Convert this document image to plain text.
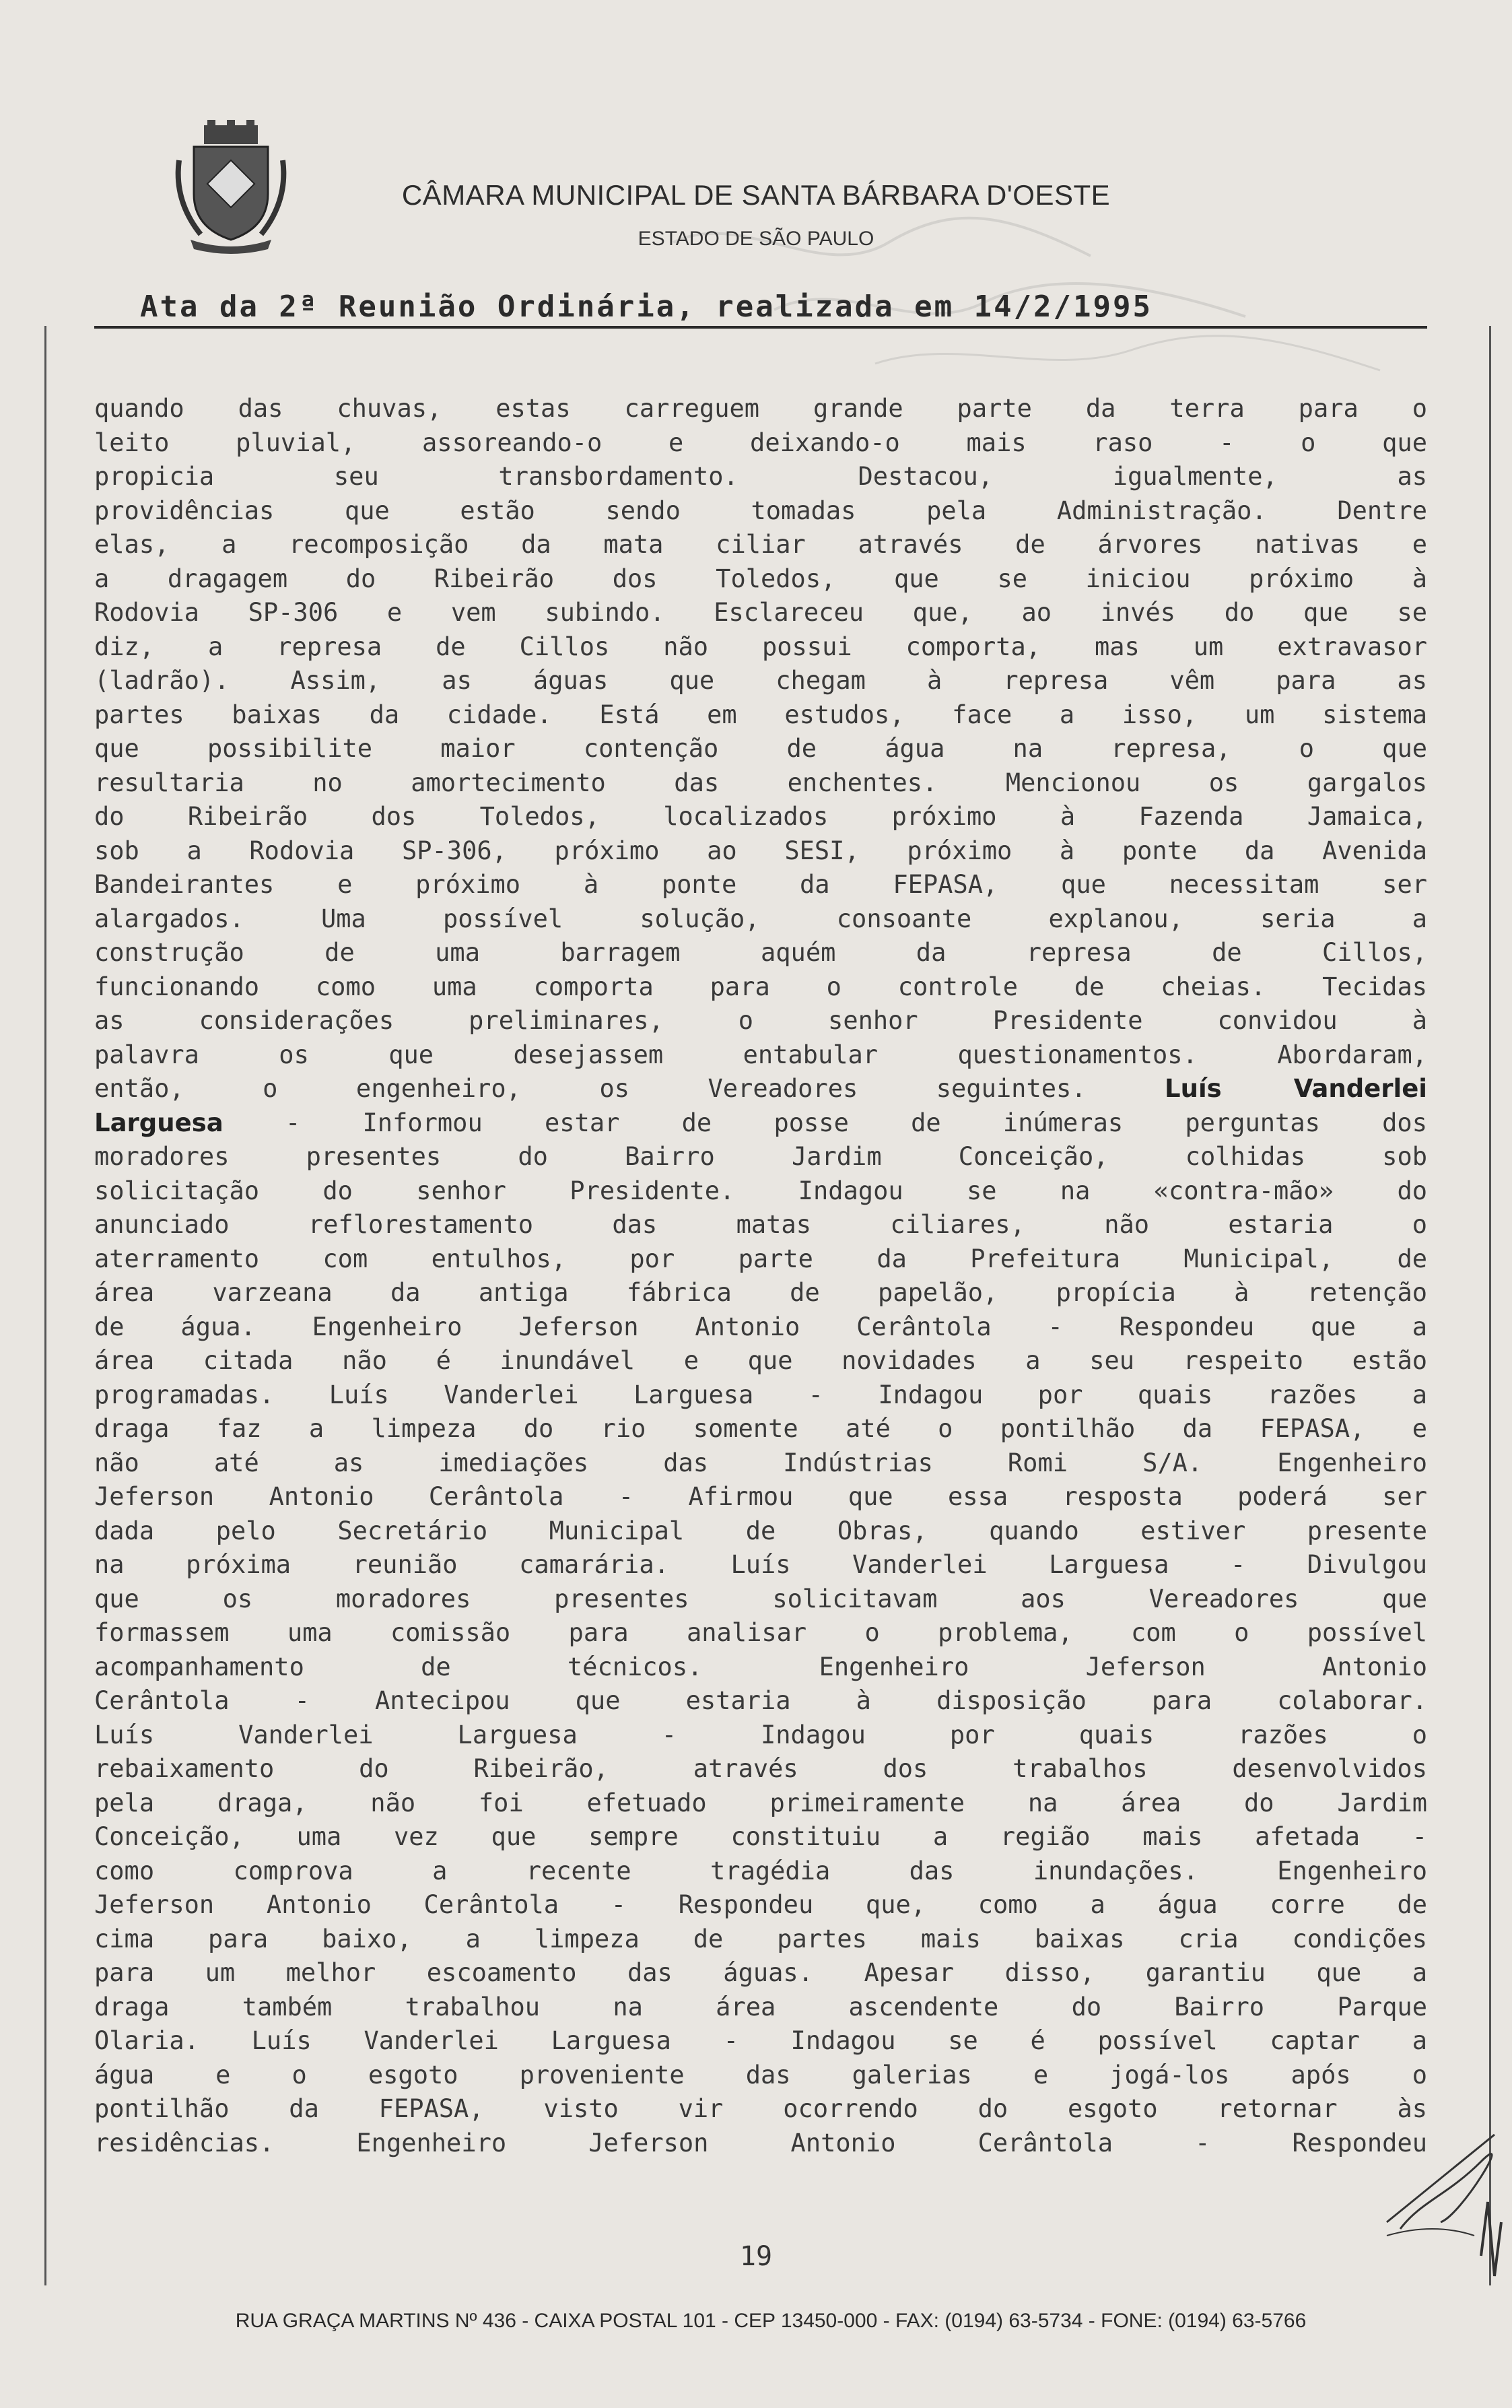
CÂMARA MUNICIPAL DE SANTA BÁRBARA D'OESTE
ESTADO DE SÃO PAULO
Ata da 2ª Reunião Ordinária, realizada em 14/2/1995
quando das chuvas, estas carreguem grande parte da terra para o
leito pluvial, assoreando-o e deixando-o mais raso - o que
propicia seu transbordamento. Destacou, igualmente, as
providências que estão sendo tomadas pela Administração. Dentre
elas, a recomposição da mata ciliar através de árvores nativas e
a dragagem do Ribeirão dos Toledos, que se iniciou próximo à
Rodovia SP-306 e vem subindo. Esclareceu que, ao invés do que se
diz, a represa de Cillos não possui comporta, mas um extravasor
(ladrão). Assim, as águas que chegam à represa vêm para as
partes baixas da cidade. Está em estudos, face a isso, um sistema
que possibilite maior contenção de água na represa, o que
resultaria no amortecimento das enchentes. Mencionou os gargalos
do Ribeirão dos Toledos, localizados próximo à Fazenda Jamaica,
sob a Rodovia SP-306, próximo ao SESI, próximo à ponte da Avenida
Bandeirantes e próximo à ponte da FEPASA, que necessitam ser
alargados. Uma possível solução, consoante explanou, seria a
construção de uma barragem aquém da represa de Cillos,
funcionando como uma comporta para o controle de cheias. Tecidas
as considerações preliminares, o senhor Presidente convidou à
palavra os que desejassem entabular questionamentos. Abordaram,
então, o engenheiro, os Vereadores seguintes. Luís Vanderlei
Larguesa - Informou estar de posse de inúmeras perguntas dos
moradores presentes do Bairro Jardim Conceição, colhidas sob
solicitação do senhor Presidente. Indagou se na «contra-mão» do
anunciado reflorestamento das matas ciliares, não estaria o
aterramento com entulhos, por parte da Prefeitura Municipal, de
área varzeana da antiga fábrica de papelão, propícia à retenção
de água. Engenheiro Jeferson Antonio Cerântola - Respondeu que a
área citada não é inundável e que novidades a seu respeito estão
programadas. Luís Vanderlei Larguesa - Indagou por quais razões a
draga faz a limpeza do rio somente até o pontilhão da FEPASA, e
não até as imediações das Indústrias Romi S/A. Engenheiro
Jeferson Antonio Cerântola - Afirmou que essa resposta poderá ser
dada pelo Secretário Municipal de Obras, quando estiver presente
na próxima reunião camarária. Luís Vanderlei Larguesa - Divulgou
que os moradores presentes solicitavam aos Vereadores que
formassem uma comissão para analisar o problema, com o possível
acompanhamento de técnicos. Engenheiro Jeferson Antonio
Cerântola - Antecipou que estaria à disposição para colaborar.
Luís Vanderlei Larguesa - Indagou por quais razões o
rebaixamento do Ribeirão, através dos trabalhos desenvolvidos
pela draga, não foi efetuado primeiramente na área do Jardim
Conceição, uma vez que sempre constituiu a região mais afetada -
como comprova a recente tragédia das inundações. Engenheiro
Jeferson Antonio Cerântola - Respondeu que, como a água corre de
cima para baixo, a limpeza de partes mais baixas cria condições
para um melhor escoamento das águas. Apesar disso, garantiu que a
draga também trabalhou na área ascendente do Bairro Parque
Olaria. Luís Vanderlei Larguesa - Indagou se é possível captar a
água e o esgoto proveniente das galerias e jogá-los após o
pontilhão da FEPASA, visto vir ocorrendo do esgoto retornar às
residências. Engenheiro Jeferson Antonio Cerântola - Respondeu
19
RUA GRAÇA MARTINS Nº 436 - CAIXA POSTAL 101 - CEP 13450-000 - FAX: (0194) 63-5734 - FONE: (0194) 63-5766
